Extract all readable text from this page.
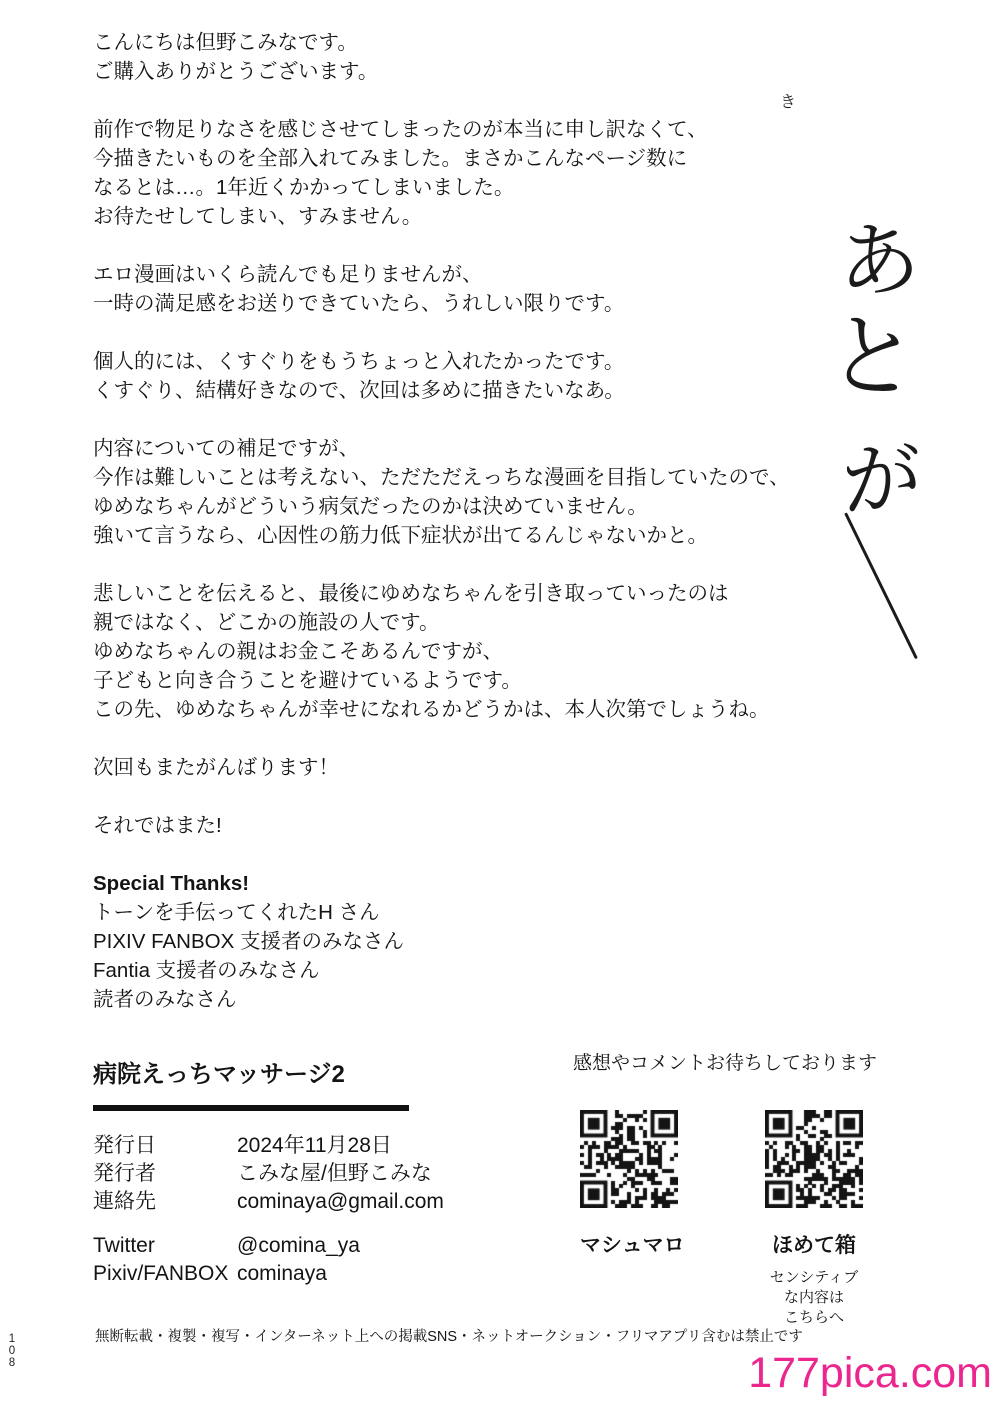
こんにちは但野こみなです。
ご購入ありがとうございます。
前作で物足りなさを感じさせてしまったのが本当に申し訳なくて、
今描きたいものを全部入れてみました。まさかこんなページ数に
なるとは…。1年近くかかってしまいました。
お待たせしてしまい、すみません。
エロ漫画はいくら読んでも足りませんが、
一時の満足感をお送りできていたら、うれしい限りです。
個人的には、くすぐりをもうちょっと入れたかったです。
くすぐり、結構好きなので、次回は多めに描きたいなあ。
内容についての補足ですが、
今作は難しいことは考えない、ただただえっちな漫画を目指していたので、
ゆめなちゃんがどういう病気だったのかは決めていません。
強いて言うなら、心因性の筋力低下症状が出てるんじゃないかと。
悲しいことを伝えると、最後にゆめなちゃんを引き取っていったのは
親ではなく、どこかの施設の人です。
ゆめなちゃんの親はお金こそあるんですが、
子どもと向き合うことを避けているようです。
この先、ゆめなちゃんが幸せになれるかどうかは、本人次第でしょうね。
次回もまたがんばります！
それではまた!
Special Thanks!
トーンを手伝ってくれたH さん
PIXIV FANBOX 支援者のみなさん
Fantia 支援者のみなさん
読者のみなさん
あ
と
が
き
病院えっちマッサージ2
発行日	2024年11月28日
発行者	こみな屋/但野こみな
連絡先	cominaya@gmail.com
Twitter	@comina_ya
Pixiv/FANBOX cominaya
感想やコメントお待ちしております
マシュマロ	ほめて箱
センシティブな内容は
こちらへ
無断転載・複製・複写・インターネット上への掲載SNS・ネットオークション・フリマアプリ含むは禁止です
108	177pica.com
